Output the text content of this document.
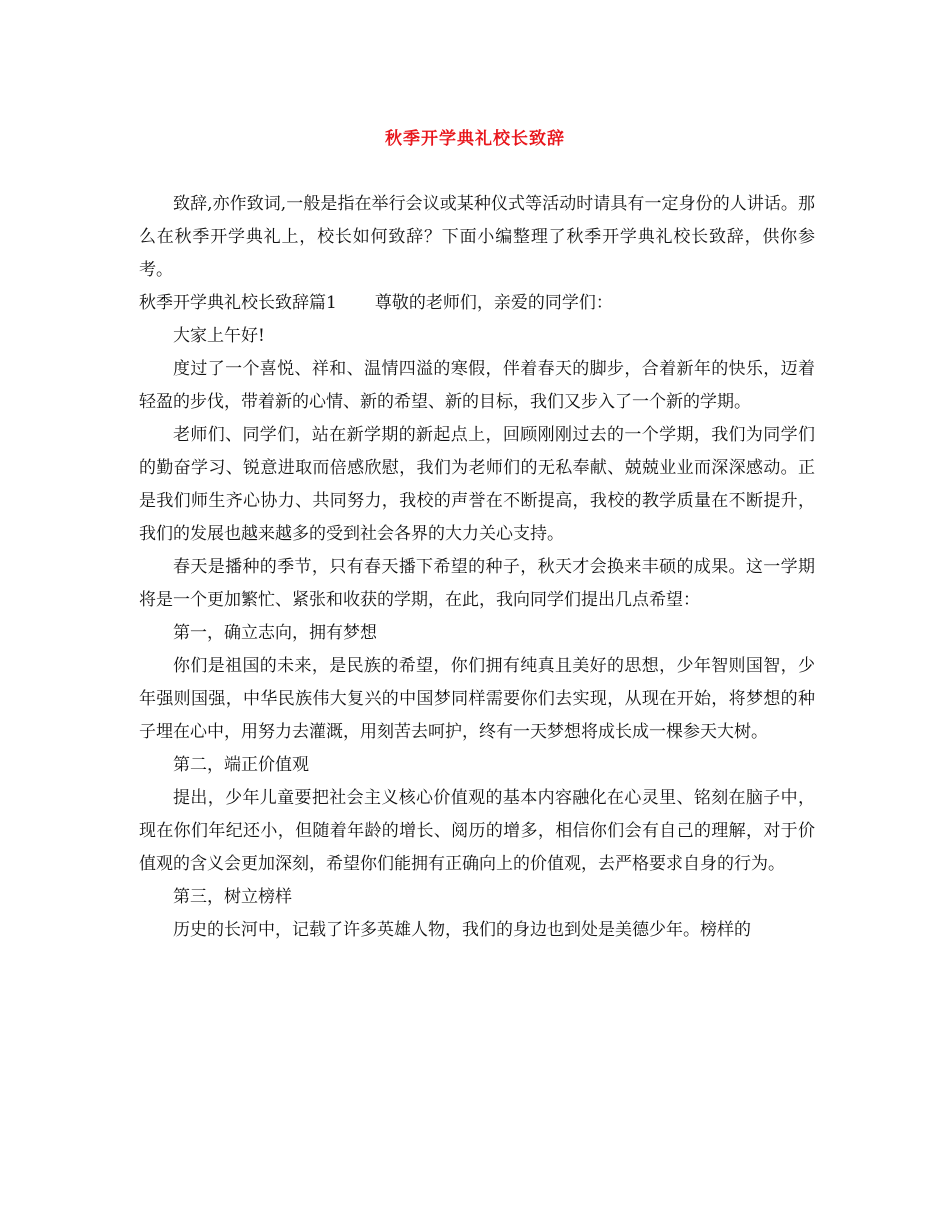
秋季开学典礼校长致辞

致辞,亦作致词,一般是指在举行会议或某种仪式等活动时请具有一定身份的人讲话。那么在秋季开学典礼上，校长如何致辞？下面小编整理了秋季开学典礼校长致辞，供你参考。

秋季开学典礼校长致辞篇1 尊敬的老师们，亲爱的同学们：

大家上午好!

度过了一个喜悦、祥和、温情四溢的寒假，伴着春天的脚步，合着新年的快乐，迈着轻盈的步伐，带着新的心情、新的希望、新的目标，我们又步入了一个新的学期。

老师们、同学们，站在新学期的新起点上，回顾刚刚过去的一个学期，我们为同学们的勤奋学习、锐意进取而倍感欣慰，我们为老师们的无私奉献、兢兢业业而深深感动。正是我们师生齐心协力、共同努力，我校的声誉在不断提高，我校的教学质量在不断提升，我们的发展也越来越多的受到社会各界的大力关心支持。

春天是播种的季节，只有春天播下希望的种子，秋天才会换来丰硕的成果。这一学期将是一个更加繁忙、紧张和收获的学期，在此，我向同学们提出几点希望：

第一，确立志向，拥有梦想

你们是祖国的未来，是民族的希望，你们拥有纯真且美好的思想，少年智则国智，少年强则国强，中华民族伟大复兴的中国梦同样需要你们去实现，从现在开始，将梦想的种子埋在心中，用努力去灌溉，用刻苦去呵护，终有一天梦想将成长成一棵参天大树。

第二，端正价值观

提出，少年儿童要把社会主义核心价值观的基本内容融化在心灵里、铭刻在脑子中，现在你们年纪还小，但随着年龄的增长、阅历的增多，相信你们会有自己的理解，对于价值观的含义会更加深刻，希望你们能拥有正确向上的价值观，去严格要求自身的行为。

第三，树立榜样

历史的长河中，记载了许多英雄人物，我们的身边也到处是美德少年。榜样的
